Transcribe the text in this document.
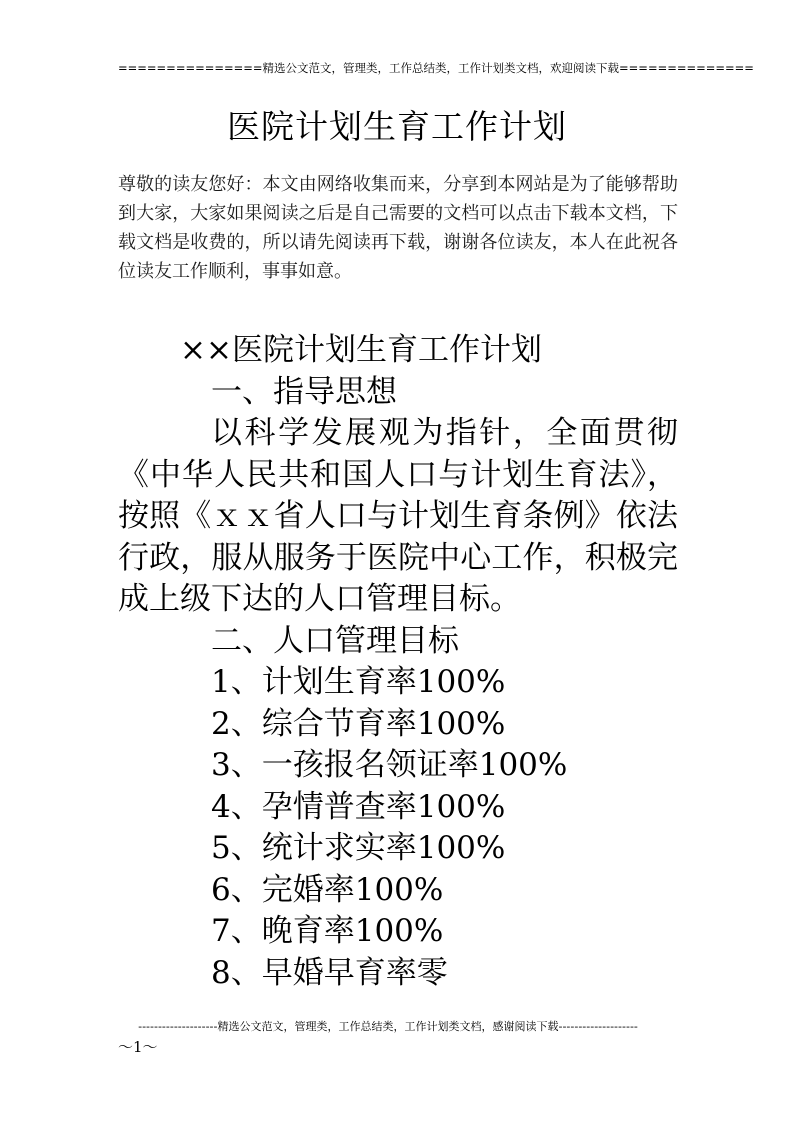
===============精选公文范文，管理类，工作总结类，工作计划类文档，欢迎阅读下载==============
医院计划生育工作计划
尊敬的读友您好：本文由网络收集而来，分享到本网站是为了能够帮助到大家，大家如果阅读之后是自己需要的文档可以点击下载本文档，下载文档是收费的，所以请先阅读再下载，谢谢各位读友，本人在此祝各位读友工作顺利，事事如意。
××医院计划生育工作计划
一、指导思想
以科学发展观为指针，全面贯彻《中华人民共和国人口与计划生育法》，按照《ｘｘ省人口与计划生育条例》依法行政，服从服务于医院中心工作，积极完成上级下达的人口管理目标。
二、人口管理目标
1、计划生育率100%
2、综合节育率100%
3、一孩报名领证率100%
4、孕情普查率100%
5、统计求实率100%
6、完婚率100%
7、晚育率100%
8、早婚早育率零
--------------------精选公文范文，管理类，工作总结类，工作计划类文档，感谢阅读下载--------------------
～1～
